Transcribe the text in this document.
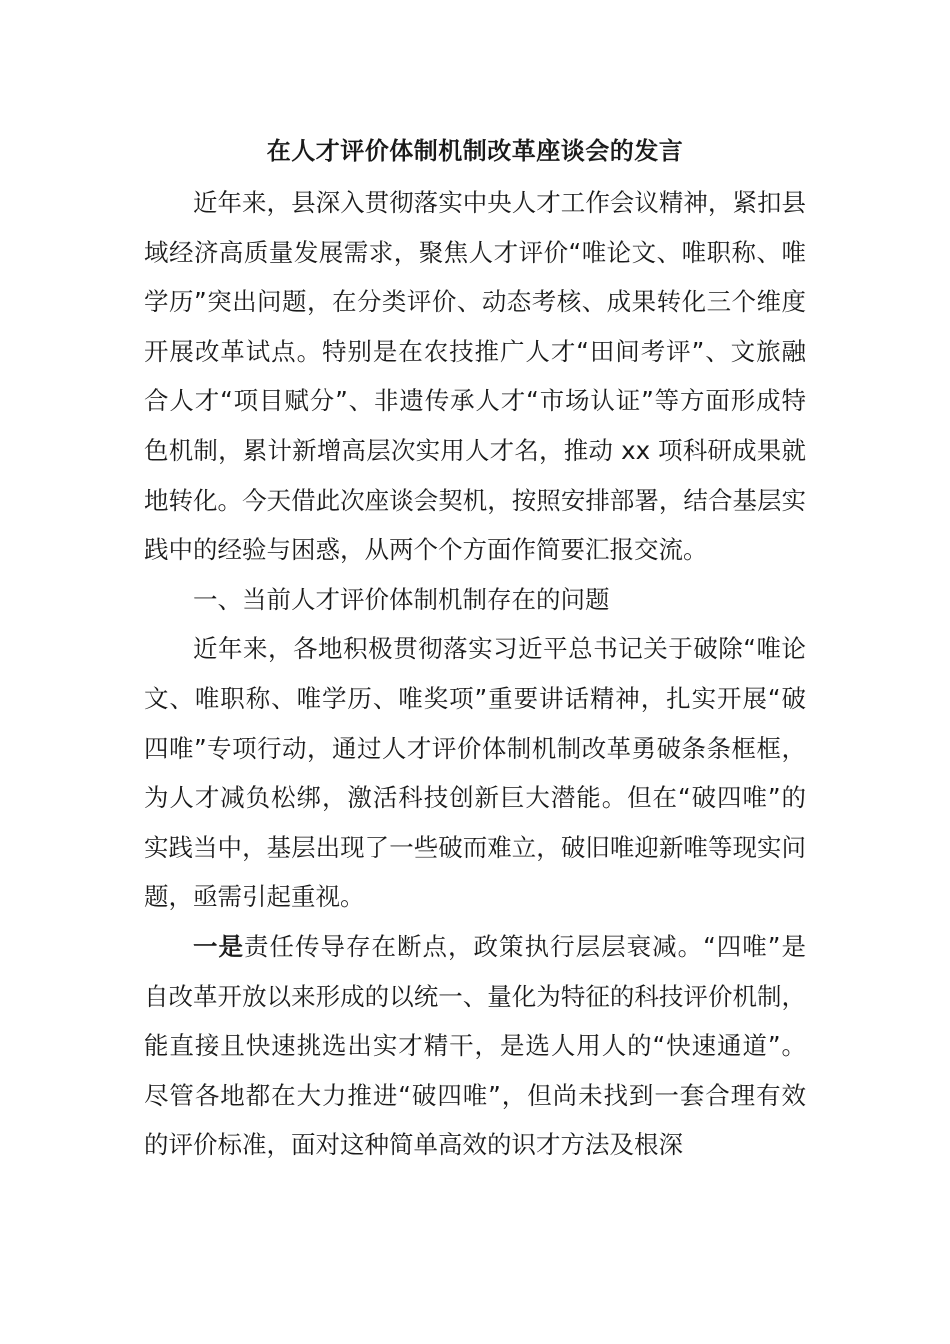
在人才评价体制机制改革座谈会的发言

近年来，县深入贯彻落实中央人才工作会议精神，紧扣县域经济高质量发展需求，聚焦人才评价“唯论文、唯职称、唯学历”突出问题，在分类评价、动态考核、成果转化三个维度开展改革试点。特别是在农技推广人才“田间考评”、文旅融合人才“项目赋分”、非遗传承人才“市场认证”等方面形成特色机制，累计新增高层次实用人才名，推动 xx 项科研成果就地转化。今天借此次座谈会契机，按照安排部署，结合基层实践中的经验与困惑，从两个个方面作简要汇报交流。

一、当前人才评价体制机制存在的问题

近年来，各地积极贯彻落实习近平总书记关于破除“唯论文、唯职称、唯学历、唯奖项”重要讲话精神，扎实开展“破四唯”专项行动，通过人才评价体制机制改革勇破条条框框，为人才减负松绑，激活科技创新巨大潜能。但在“破四唯”的实践当中，基层出现了一些破而难立，破旧唯迎新唯等现实问题，亟需引起重视。

一是责任传导存在断点，政策执行层层衰减。“四唯”是自改革开放以来形成的以统一、量化为特征的科技评价机制，能直接且快速挑选出实才精干，是选人用人的“快速通道”。尽管各地都在大力推进“破四唯”，但尚未找到一套合理有效的评价标准，面对这种简单高效的识才方法及根深
